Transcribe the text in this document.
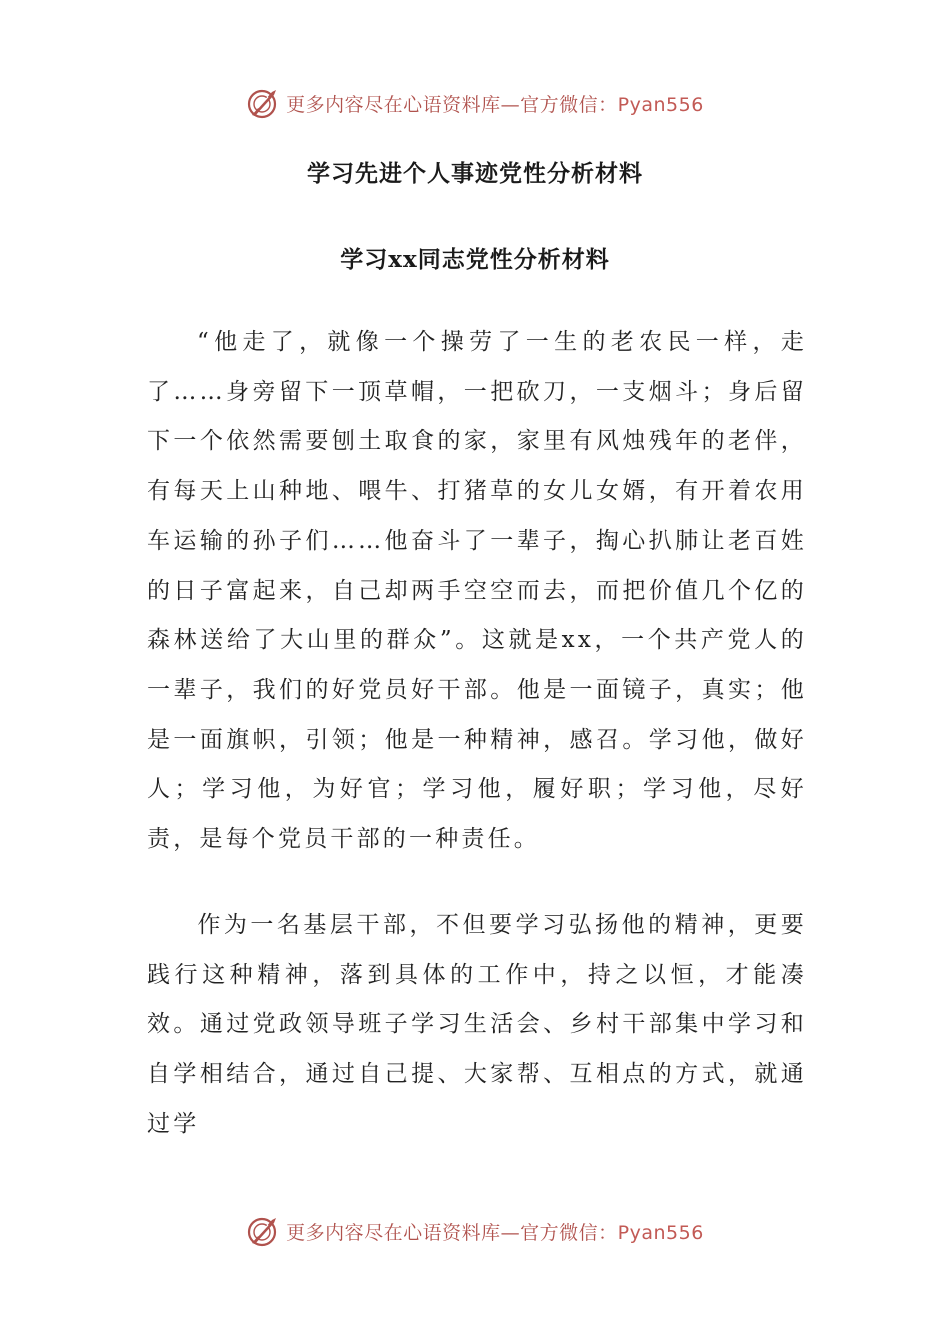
更多内容尽在心语资料库—官方微信：Pyan556
学习先进个人事迹党性分析材料
学习xx同志党性分析材料
“他走了，就像一个操劳了一生的老农民一样，走了……身旁留下一顶草帽，一把砍刀，一支烟斗；身后留下一个依然需要刨土取食的家，家里有风烛残年的老伴，有每天上山种地、喂牛、打猪草的女儿女婿，有开着农用车运输的孙子们……他奋斗了一辈子，掏心扒肺让老百姓的日子富起来，自己却两手空空而去，而把价值几个亿的森林送给了大山里的群众”。这就是xx，一个共产党人的一辈子，我们的好党员好干部。他是一面镜子，真实；他是一面旗帜，引领；他是一种精神，感召。学习他，做好人；学习他，为好官；学习他，履好职；学习他，尽好责，是每个党员干部的一种责任。
作为一名基层干部，不但要学习弘扬他的精神，更要践行这种精神，落到具体的工作中，持之以恒，才能凑效。通过党政领导班子学习生活会、乡村干部集中学习和自学相结合，通过自己提、大家帮、互相点的方式，就通过学
更多内容尽在心语资料库—官方微信：Pyan556
